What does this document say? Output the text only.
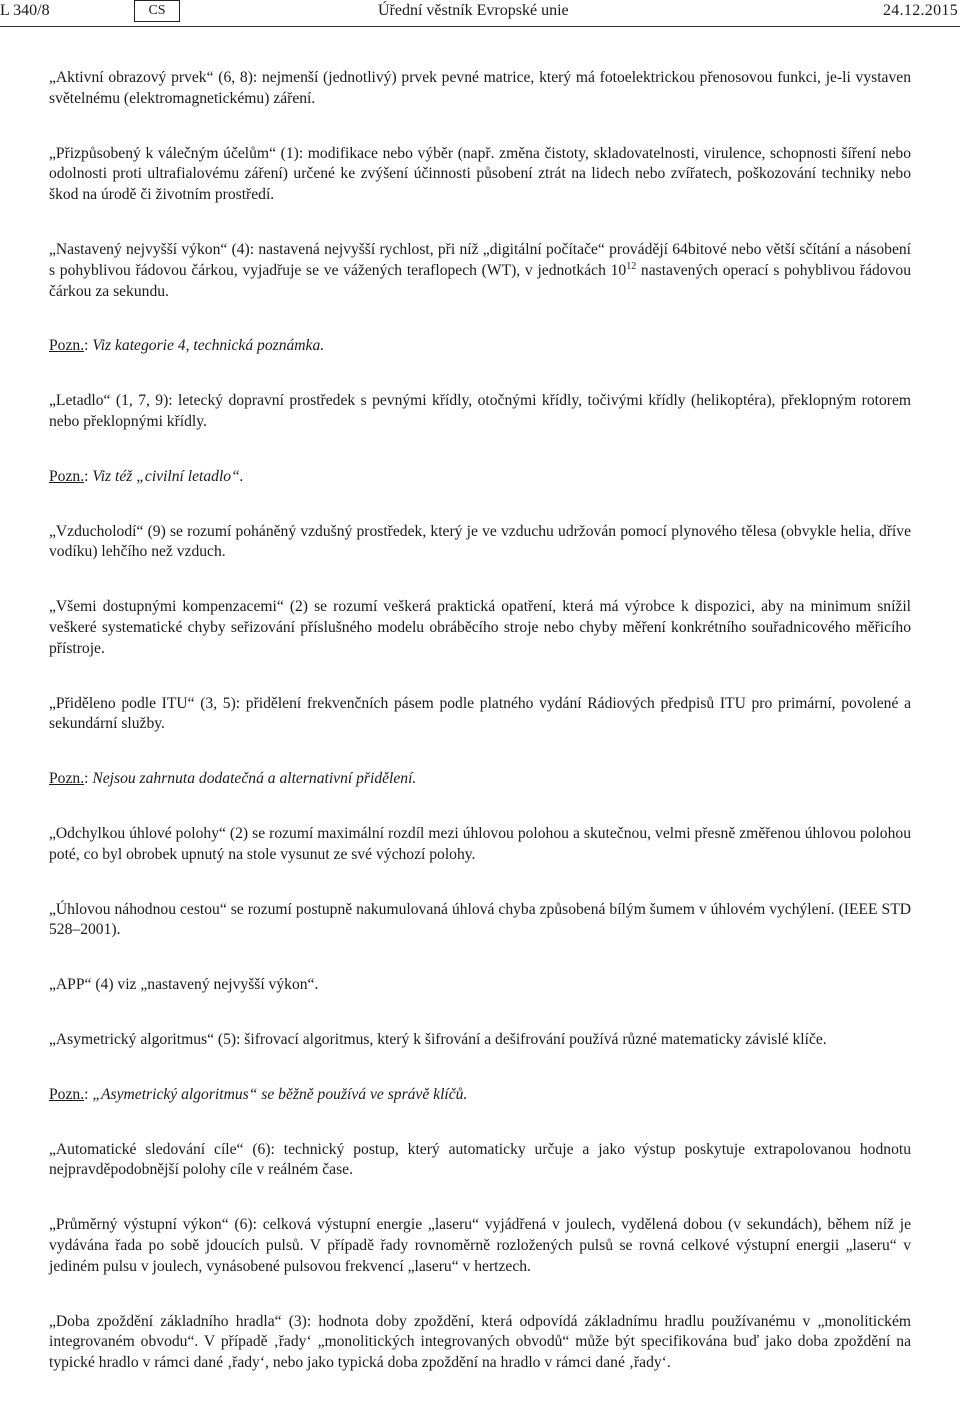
L 340/8	CS	Úřední věstník Evropské unie	24.12.2015

„Aktivní obrazový prvek“ (6, 8): nejmenší (jednotlivý) prvek pevné matrice, který má fotoelektrickou přenosovou funkci, je-li vystaven světelnému (elektromagnetickému) záření.

„Přizpůsobený k válečným účelům“ (1): modifikace nebo výběr (např. změna čistoty, skladovatelnosti, virulence, schopnosti šíření nebo odolnosti proti ultrafialovému záření) určené ke zvýšení účinnosti působení ztrát na lidech nebo zvířatech, poškozování techniky nebo škod na úrodě či životním prostředí.

„Nastavený nejvyšší výkon“ (4): nastavená nejvyšší rychlost, při níž „digitální počítače“ provádějí 64bitové nebo větší sčítání a násobení s pohyblivou řádovou čárkou, vyjadřuje se ve vážených teraflopech (WT), v jednotkách $10^{12}$ nastavených operací s pohyblivou řádovou čárkou za sekundu.

Pozn.: Viz kategorie 4, technická poznámka.

„Letadlo“ (1, 7, 9): letecký dopravní prostředek s pevnými křídly, otočnými křídly, točivými křídly (helikoptéra), překlopným rotorem nebo překlopnými křídly.

Pozn.: Viz též „civilní letadlo“.

„Vzducholodí“ (9) se rozumí poháněný vzdušný prostředek, který je ve vzduchu udržován pomocí plynového tělesa (obvykle helia, dříve vodíku) lehčího než vzduch.

„Všemi dostupnými kompenzacemi“ (2) se rozumí veškerá praktická opatření, která má výrobce k dispozici, aby na minimum snížil veškeré systematické chyby seřizování příslušného modelu obráběcího stroje nebo chyby měření konkrétního souřadnicového měřicího přístroje.

„Přiděleno podle ITU“ (3, 5): přidělení frekvenčních pásem podle platného vydání Rádiových předpisů ITU pro primární, povolené a sekundární služby.

Pozn.: Nejsou zahrnuta dodatečná a alternativní přidělení.

„Odchylkou úhlové polohy“ (2) se rozumí maximální rozdíl mezi úhlovou polohou a skutečnou, velmi přesně změřenou úhlovou polohou poté, co byl obrobek upnutý na stole vysunut ze své výchozí polohy.

„Úhlovou náhodnou cestou“ se rozumí postupně nakumulovaná úhlová chyba způsobená bílým šumem v úhlovém vychýlení. (IEEE STD 528–2001).

„APP“ (4) viz „nastavený nejvyšší výkon“.

„Asymetrický algoritmus“ (5): šifrovací algoritmus, který k šifrování a dešifrování používá různé matematicky závislé klíče.

Pozn.: „Asymetrický algoritmus“ se běžně používá ve správě klíčů.

„Automatické sledování cíle“ (6): technický postup, který automaticky určuje a jako výstup poskytuje extrapolovanou hodnotu nejpravděpodobnější polohy cíle v reálném čase.

„Průměrný výstupní výkon“ (6): celková výstupní energie „laseru“ vyjádřená v joulech, vydělená dobou (v sekundách), během níž je vydávána řada po sobě jdoucích pulsů. V případě řady rovnoměrně rozložených pulsů se rovná celkové výstupní energii „laseru“ v jediném pulsu v joulech, vynásobené pulsovou frekvencí „laseru“ v hertzech.

„Doba zpoždění základního hradla“ (3): hodnota doby zpoždění, která odpovídá základnímu hradlu používanému v „monolitickém integrovaném obvodu“. V případě ‚řady‘ „monolitických integrovaných obvodů“ může být specifikována buď jako doba zpoždění na typické hradlo v rámci dané ‚řady‘, nebo jako typická doba zpoždění na hradlo v rámci dané ‚řady‘.
